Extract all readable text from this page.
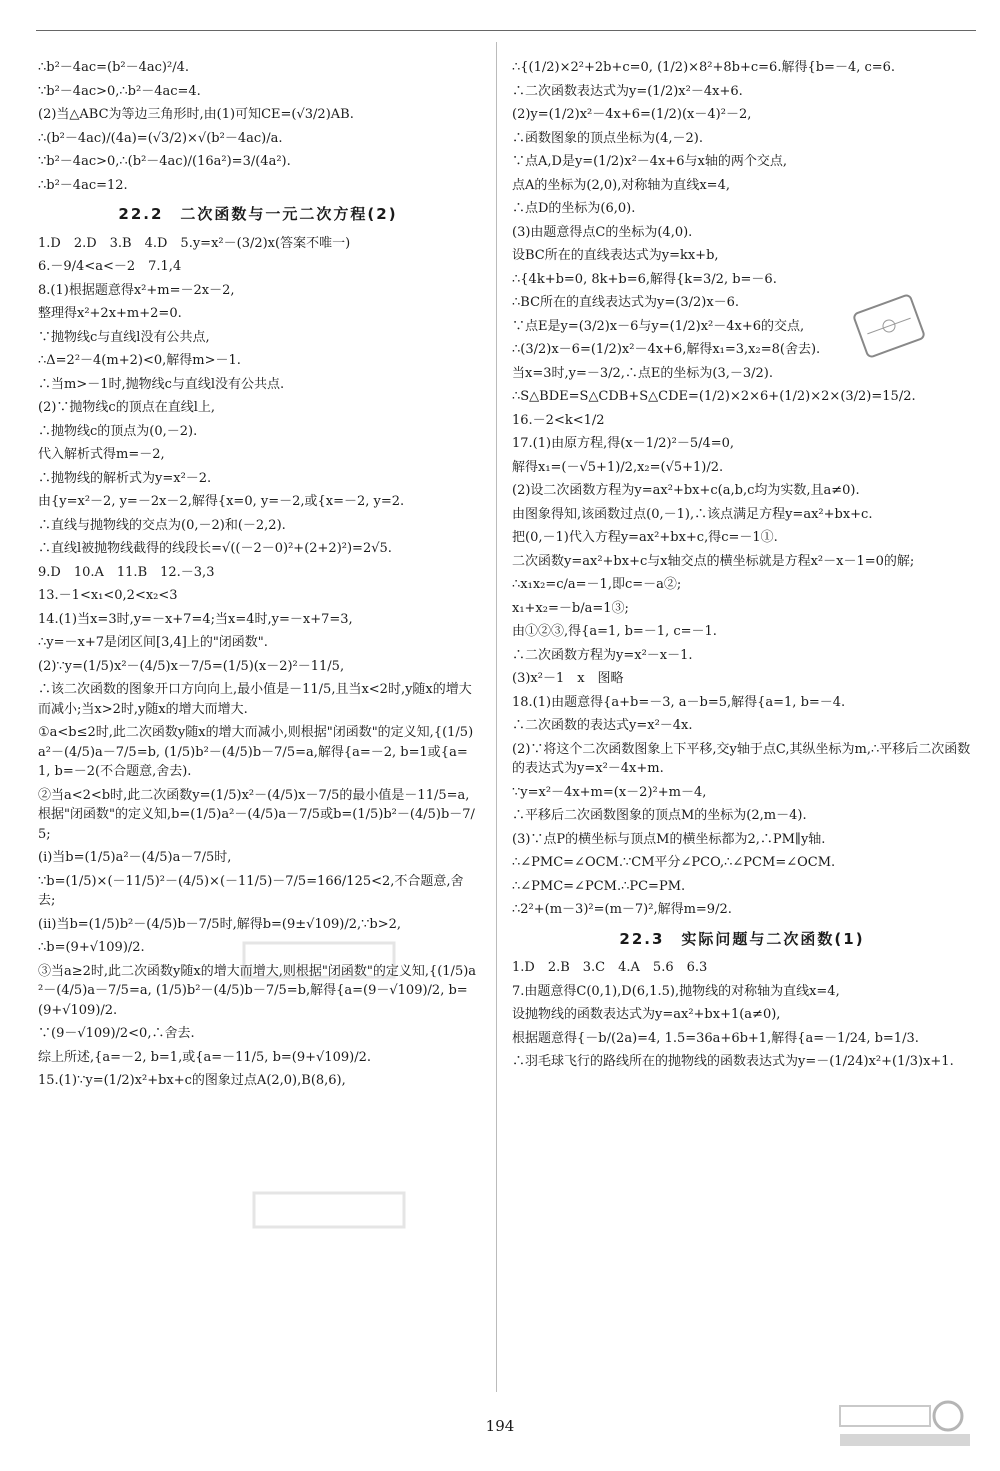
∴b²－4ac=(b²－4ac)²/4.
∵b²－4ac>0,∴b²－4ac=4.
(2)当△ABC为等边三角形时,由(1)可知CE=(√3/2)AB.
∴(b²－4ac)/(4a)=(√3/2)×√(b²－4ac)/a.
∵b²－4ac>0,∴(b²－4ac)/(16a²)=3/(4a²).
∴b²－4ac=12.
22.2　二次函数与一元二次方程(2)
1.D　2.D　3.B　4.D　5.y=x²－(3/2)x(答案不唯一)
6.－9/4<a<－2　7.1,4
8.(1)根据题意得x²+m=－2x－2,
整理得x²+2x+m+2=0.
∵抛物线c与直线l没有公共点,
∴Δ=2²－4(m+2)<0,解得m>－1.
∴当m>－1时,抛物线c与直线l没有公共点.
(2)∵抛物线c的顶点在直线l上,
∴抛物线c的顶点为(0,－2).
代入解析式得m=－2,
∴抛物线的解析式为y=x²－2.
由{y=x²－2, y=－2x－2,解得{x=0, y=－2,或{x=－2, y=2.
∴直线与抛物线的交点为(0,－2)和(－2,2).
∴直线l被抛物线截得的线段长=√((－2－0)²+(2+2)²)=2√5.
9.D　10.A　11.B　12.－3,3
13.－1<x₁<0,2<x₂<3
14.(1)当x=3时,y=－x+7=4;当x=4时,y=－x+7=3,
∴y=－x+7是闭区间[3,4]上的"闭函数".
(2)∵y=(1/5)x²－(4/5)x－7/5=(1/5)(x－2)²－11/5,
∴该二次函数的图象开口方向向上,最小值是－11/5,且当x<2时,y随x的增大而减小;当x>2时,y随x的增大而增大.
①a<b≤2时,此二次函数y随x的增大而减小,则根据"闭函数"的定义知,{(1/5)a²－(4/5)a－7/5=b, (1/5)b²－(4/5)b－7/5=a,解得{a=－2, b=1或{a=1, b=－2(不合题意,舍去).
②当a<2<b时,此二次函数y=(1/5)x²－(4/5)x－7/5的最小值是－11/5=a,根据"闭函数"的定义知,b=(1/5)a²－(4/5)a－7/5或b=(1/5)b²－(4/5)b－7/5;
(i)当b=(1/5)a²－(4/5)a－7/5时,
∵b=(1/5)×(－11/5)²－(4/5)×(－11/5)－7/5=166/125<2,不合题意,舍去;
(ii)当b=(1/5)b²－(4/5)b－7/5时,解得b=(9±√109)/2,∵b>2,
∴b=(9+√109)/2.
③当a≥2时,此二次函数y随x的增大而增大,则根据"闭函数"的定义知,{(1/5)a²－(4/5)a－7/5=a, (1/5)b²－(4/5)b－7/5=b,解得{a=(9－√109)/2, b=(9+√109)/2.
∵(9－√109)/2<0,∴舍去.
综上所述,{a=－2, b=1,或{a=－11/5, b=(9+√109)/2.
15.(1)∵y=(1/2)x²+bx+c的图象过点A(2,0),B(8,6),
∴{(1/2)×2²+2b+c=0, (1/2)×8²+8b+c=6.解得{b=－4, c=6.
∴二次函数表达式为y=(1/2)x²－4x+6.
(2)y=(1/2)x²－4x+6=(1/2)(x－4)²－2,
∴函数图象的顶点坐标为(4,－2).
∵点A,D是y=(1/2)x²－4x+6与x轴的两个交点,
点A的坐标为(2,0),对称轴为直线x=4,
∴点D的坐标为(6,0).
(3)由题意得点C的坐标为(4,0).
设BC所在的直线表达式为y=kx+b,
∴{4k+b=0, 8k+b=6,解得{k=3/2, b=－6.
∴BC所在的直线表达式为y=(3/2)x－6.
∵点E是y=(3/2)x－6与y=(1/2)x²－4x+6的交点,
∴(3/2)x－6=(1/2)x²－4x+6,解得x₁=3,x₂=8(舍去).
当x=3时,y=－3/2,∴点E的坐标为(3,－3/2).
∴S△BDE=S△CDB+S△CDE=(1/2)×2×6+(1/2)×2×(3/2)=15/2.
16.－2<k<1/2
17.(1)由原方程,得(x－1/2)²－5/4=0,
解得x₁=(－√5+1)/2,x₂=(√5+1)/2.
(2)设二次函数方程为y=ax²+bx+c(a,b,c均为实数,且a≠0).
由图象得知,该函数过点(0,－1),∴该点满足方程y=ax²+bx+c.
把(0,－1)代入方程y=ax²+bx+c,得c=－1①.
二次函数y=ax²+bx+c与x轴交点的横坐标就是方程x²－x－1=0的解;
∴x₁x₂=c/a=－1,即c=－a②;
x₁+x₂=－b/a=1③;
由①②③,得{a=1, b=－1, c=－1.
∴二次函数方程为y=x²－x－1.
(3)x²－1　x　图略
18.(1)由题意得{a+b=－3, a－b=5,解得{a=1, b=－4.
∴二次函数的表达式y=x²－4x.
(2)∵将这个二次函数图象上下平移,交y轴于点C,其纵坐标为m,∴平移后二次函数的表达式为y=x²－4x+m.
∵y=x²－4x+m=(x－2)²+m－4,
∴平移后二次函数图象的顶点M的坐标为(2,m－4).
(3)∵点P的横坐标与顶点M的横坐标都为2,∴PM∥y轴.
∴∠PMC=∠OCM.∵CM平分∠PCO,∴∠PCM=∠OCM.
∴∠PMC=∠PCM.∴PC=PM.
∴2²+(m－3)²=(m－7)²,解得m=9/2.
22.3　实际问题与二次函数(1)
1.D　2.B　3.C　4.A　5.6　6.3
7.由题意得C(0,1),D(6,1.5),抛物线的对称轴为直线x=4,
设抛物线的函数表达式为y=ax²+bx+1(a≠0),
根据题意得{－b/(2a)=4, 1.5=36a+6b+1,解得{a=－1/24, b=1/3.
∴羽毛球飞行的路线所在的抛物线的函数表达式为y=－(1/24)x²+(1/3)x+1.
194
